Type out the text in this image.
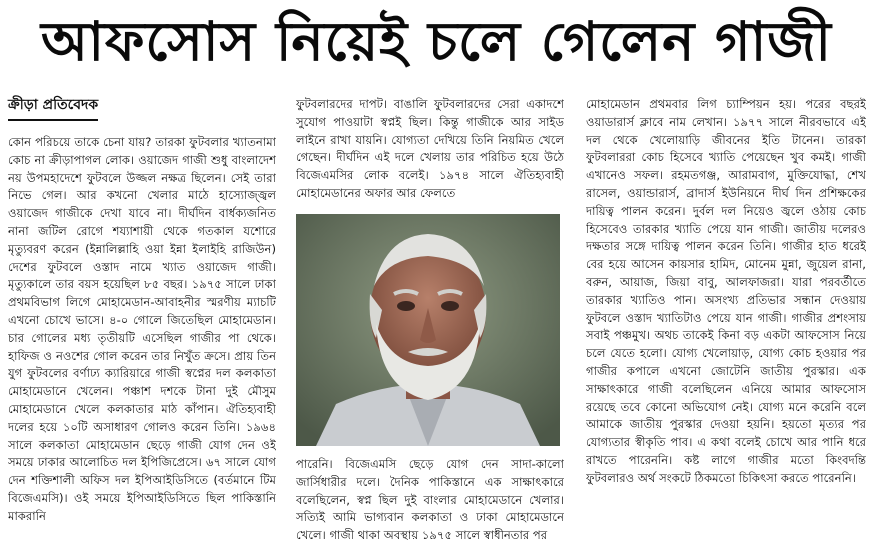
আফসোস নিয়েই চলে গেলেন গাজী
ক্রীড়া প্রতিবেদক

কোন পরিচয়ে তাকে চেনা যায়? তারকা ফুটবলার খ্যাতনামা কোচ না ক্রীড়াপাগল লোক। ওয়াজেদ গাজী শুধু বাংলাদেশ নয় উপমহাদেশে ফুটবলে উজ্জল নক্ষত্র ছিলেন। সেই তারা নিভে গেল। আর কখনো খেলার মাঠে হাস্যোজ্জ্বল ওয়াজেদ গাজীকে দেখা যাবে না। দীর্ঘদিন বার্ধক্যজনিত নানা জটিল রোগে শয্যাশায়ী থেকে গতকাল যশোরে মৃত্যুবরণ করেন (ইন্নালিল্লাহি ওয়া ইন্না ইলাইহি রাজিউন) দেশের ফুটবলে ওস্তাদ নামে খ্যাত ওয়াজেদ গাজী। মৃত্যুকালে তার বয়স হয়েছিল ৮৫ বছর। ১৯৭৫ সালে ঢাকা প্রথমবিভাগ লিগে মোহামেডান-আবাহনীর স্মরণীয় ম্যাচটি এখনো চোখে ভাসে। ৪-০ গোলে জিতেছিল মোহামেডান। চার গোলের মধ্য তৃতীয়টি এসেছিল গাজীর পা থেকে। হাফিজ ও নওশের গোল করেন তার নিখুঁত ক্রসে। প্রায় তিন যুগ ফুটবলের বর্ণাঢ্য ক্যারিয়ারে গাজী স্বপ্নের দল কলকাতা মোহামেডানে খেলেন। পঞ্চাশ দশকে টানা দুই মৌসুম মোহামেডানে খেলে কলকাতার মাঠ কাঁপান। ঐতিহ্যবাহী দলের হয়ে ১০টি অসাধারণ গোলও করেন তিনি। ১৯৬৪ সালে কলকাতা মোহামেডান ছেড়ে গাজী যোগ দেন ওই সময়ে ঢাকার আলোচিত দল ইপিজিপ্রেসে। ৬৭ সালে যোগ দেন শক্তিশালী অফিস দল ইপিআইডিসিতে (বর্তমানে টিম বিজেএমসি)। ওই সময়ে ইপিআইডিসিতে ছিল পাকিস্তানি মাকরানি

ফুটবলারদের দাপট। বাঙালি ফুটবলারদের সেরা একাদশে সুযোগ পাওয়াটা স্বপ্নই ছিল। কিন্তু গাজীকে আর সাইড লাইনে রাখা যায়নি। যোগ্যতা দেখিয়ে তিনি নিয়মিত খেলে গেছেন। দীর্ঘদিন এই দলে খেলায় তার পরিচিত হয়ে উঠে বিজেএমসির লোক বলেই। ১৯৭৪ সালে ঐতিহ্যবাহী মোহামেডানের অফার আর ফেলতে

পারেনি। বিজেএমসি ছেড়ে যোগ দেন সাদা-কালো জার্সিধারীর দলে। দৈনিক পাকিস্তানে এক সাক্ষাৎকারে বলেছিলেন, স্বপ্ন ছিল দুই বাংলার মোহামেডানে খেলার। সত্যিই আমি ভাগ্যবান কলকাতা ও ঢাকা মোহামেডানে খেলে। গাজী থাকা অবস্থায় ১৯৭৫ সালে স্বাধীনতার পর

মোহামেডান প্রথমবার লিগ চ্যাম্পিয়ন হয়। পরের বছরই ওয়াডারার্স ক্লাবে নাম লেখান। ১৯৭৭ সালে নীরবভাবে এই দল থেকে খেলোয়াড়ি জীবনের ইতি টানেন। তারকা ফুটবলাররা কোচ হিসেবে খ্যাতি পেয়েছেন খুব কমই। গাজী এখানেও সফল। রহমতগঞ্জ, আরামবাগ, মুক্তিযোদ্ধা, শেখ রাসেল, ওয়ান্ডারার্স, ব্রাদার্স ইউনিয়নে দীর্ঘ দিন প্রশিক্ষকের দায়িত্ব পালন করেন। দুর্বল দল নিয়েও জ্বলে ওঠায় কোচ হিসেবেও তারকার খ্যাতি পেয়ে যান গাজী। জাতীয় দলেরও দক্ষতার সঙ্গে দায়িত্ব পালন করেন তিনি। গাজীর হাত ধরেই বের হয়ে আসেন কায়সার হামিদ, মোনেম মুন্না, জুয়েল রানা, বরুন, আয়াজ, জিয়া বাবু, আলফাজরা। যারা পরবর্তীতে তারকার খ্যাতিও পান। অসংখ্য প্রতিভার সন্ধান দেওয়ায় ফুটবলে ওস্তাদ খ্যাতিটাও পেয়ে যান গাজী। গাজীর প্রশংসায় সবাই পঞ্চমুখ। অথচ তাকেই কিনা বড় একটা আফসোস নিয়ে চলে যেতে হলো। যোগ্য খেলোয়াড়, যোগ্য কোচ হওয়ার পর গাজীর কপালে এখনো জোটেনি জাতীয় পুরস্কার। এক সাক্ষাৎকারে গাজী বলেছিলেন এনিয়ে আমার আফসোস রয়েছে তবে কোনো অভিযোগ নেই। যোগ্য মনে করেনি বলে আমাকে জাতীয় পুরস্কার দেওয়া হয়নি। হয়তো মৃত্যর পর যোগ্যতার স্বীকৃতি পাব। এ কথা বলেই চোখে আর পানি ধরে রাখতে পারেননি। কষ্ট লাগে গাজীর মতো কিংবদন্তি ফুটবলারও অর্থ সংকটে ঠিকমতো চিকিৎসা করতে পারেননি।
